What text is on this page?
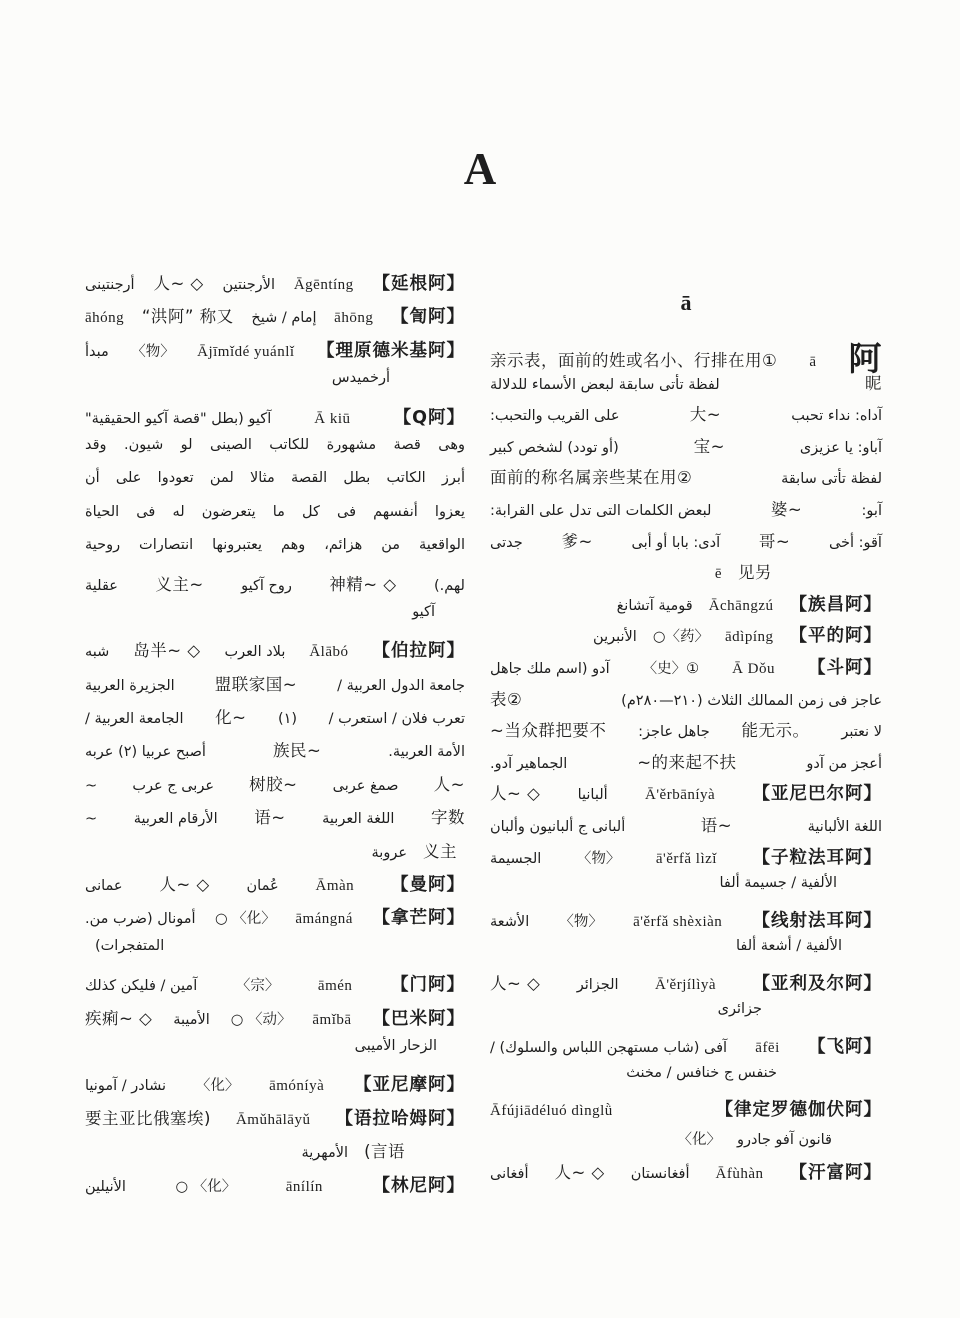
A
أرجنتينى 人~ ◇ الأرجنتين Āgēntíng 【延根阿】
āhóng “洪阿” 称又 إمام / شيخ āhōng 【訇阿】
مبدأ 〈物〉 Ājīmǐdé yuánlǐ 【理原德米基阿】
أرخميدس
آكيو (بطل "قصة آكيو الحقيقية"	Ā kiū 【Q阿】
وهى قصة مشهورة للكاتب الصينى لو شيون. وقد
أبرز الكاتب بطل القصة مثالا لمن تعودوا على أن
يعزوا أنفسهم فى كل ما يتعرضون له فى الحياة
الواقعية من هزائم، وهم يعتبرونها انتصارات روحية
عقلية 义主~	روح آكيو 神精~ ◇	لهم.)
آكيو
شبه 岛半~ ◇ بلاد العرب Ālābó 【伯拉阿】
الجزيرة العربية 盟联家国~	جامعة الدول العربية /
الجامعة العربية / 化~ (١) تعرب فلان / استعرب /
أصبح عربيا (٢) عربه	族民~	الأمة العربية.
~ عربى ج عرب 树胶~ صمغ عربى 人~
~	الأرقام العربية 语~	اللغة العربية 字数
عروبة 义主
عمانى 人~ ◇	عُمان Āmàn 【曼阿】
أمونال (ضرب من. ○ 〈化〉 āmángná 【拿芒阿】
المتفجرات)
آمين / فليكن كذلك	〈宗〉	āmén 【门阿】
疾痢~ ◇ الأميبة ○ 〈动〉 āmǐbā 【巴米阿】
الزحار الأميبى
نشادر / آمونيا 〈化〉 āmóníyà 【亚尼摩阿】
要主亚比俄塞埃) Āmǔhālāyǔ 【语拉哈姆阿】
الأمهرية (言语
الأنيلين	○ 〈化〉	ānílín	【林尼阿】
ā
亲示表，面前的姓或名小、行排在用① ā 阿
لفظة تأتى سابقة لبعض الأسماء للدلالة	昵
على القريب والتحبب:	大~	آداه: نداء تحبب
(أو تودد) لشخص كبير	宝~	آباو: يا عزيزى
面前的称名属亲些某在用②	لفظة تأتى سابقة
لبعض الكلمات التى تدل على القرابة:	婆~	آبو:
جدتى 爹~	آدى: بابا أو أبى 哥~	آقو: أخى
ē 见另
قومية آتشانغ Āchāngzú 【族昌阿】
الأنبرين ○〈药〉 ādìpíng 【平的阿】
آدو (اسم ملك جاهل 〈史〉① Ā Dǒu 【斗阿】
表②	عاجز فى زمن الممالك الثلاث (٢١٠—٢٨٠م)
~当众群把要不 جاهل عاجز: 能无示。 لا نعتبر
الجماهير آدو.	~的来起不扶	أعجز من آدو
人~ ◇	ألبانيا Ā'ěrbāníyà 【亚尼巴尔阿】
ألبانى ج ألبانيون وألبان	语~	اللغة الألبانية
الجسيمة 〈物〉 ā'ěrfǎ lìzǐ 【子粒法耳阿】
الألفية / جسيمة ألفا
الأشعة 〈物〉 ā'ěrfǎ shèxiàn 【线射法耳阿】
الألفية / أشعة ألفا
人~ ◇	الجزائر Ā'ěrjílìyà 【亚利及尔阿】
جزائرى
آفى (شاب مستهجن اللباس والسلوك) / āfēi 【飞阿】
خنفس ج خنافس / مخنث
Āfújiādéluó dìnglǜ	【律定罗德伽伏阿】
〈化〉 قانون آفو جادرو
أفغانى 人~ ◇ أفغانستان Āfùhàn 【汗富阿】
